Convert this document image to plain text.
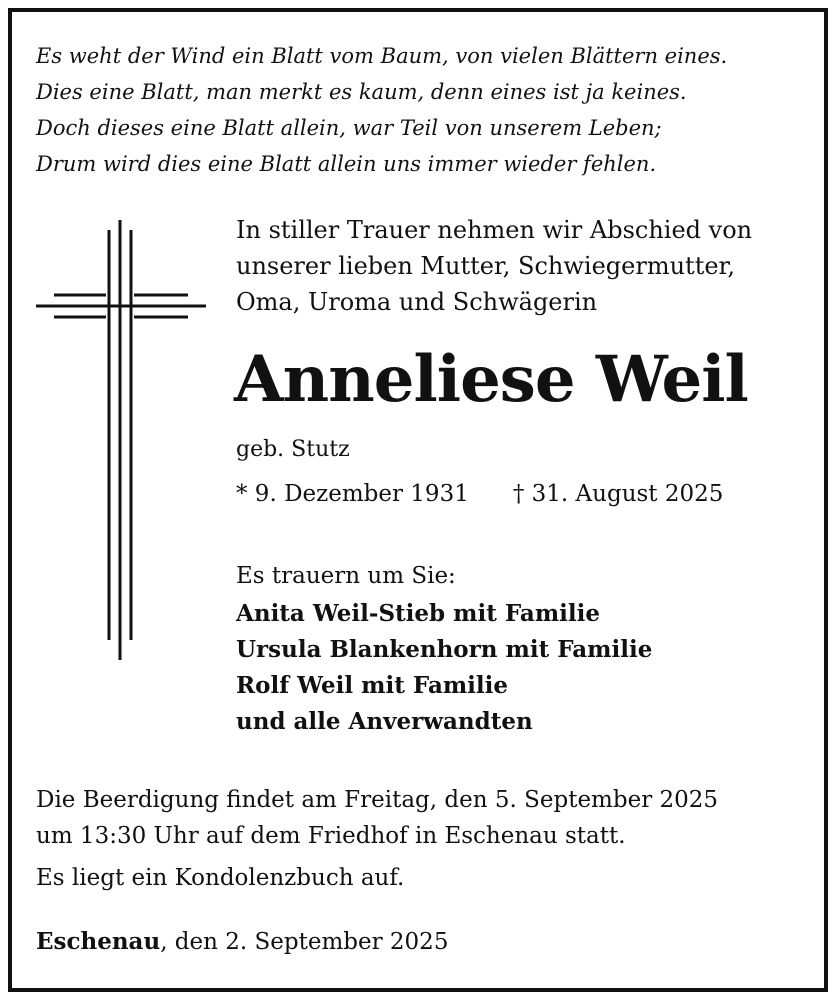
Es weht der Wind ein Blatt vom Baum, von vielen Blättern eines.
Dies eine Blatt, man merkt es kaum, denn eines ist ja keines.
Doch dieses eine Blatt allein, war Teil von unserem Leben;
Drum wird dies eine Blatt allein uns immer wieder fehlen.
In stiller Trauer nehmen wir Abschied von
unserer lieben Mutter, Schwiegermutter,
Oma, Uroma und Schwägerin
Anneliese Weil
geb. Stutz
* 9. Dezember 1931 † 31. August 2025
Es trauern um Sie:
Anita Weil-Stieb mit Familie
Ursula Blankenhorn mit Familie
Rolf Weil mit Familie
und alle Anverwandten
Die Beerdigung findet am Freitag, den 5. September 2025
um 13:30 Uhr auf dem Friedhof in Eschenau statt.
Es liegt ein Kondolenzbuch auf.
Eschenau, den 2. September 2025
